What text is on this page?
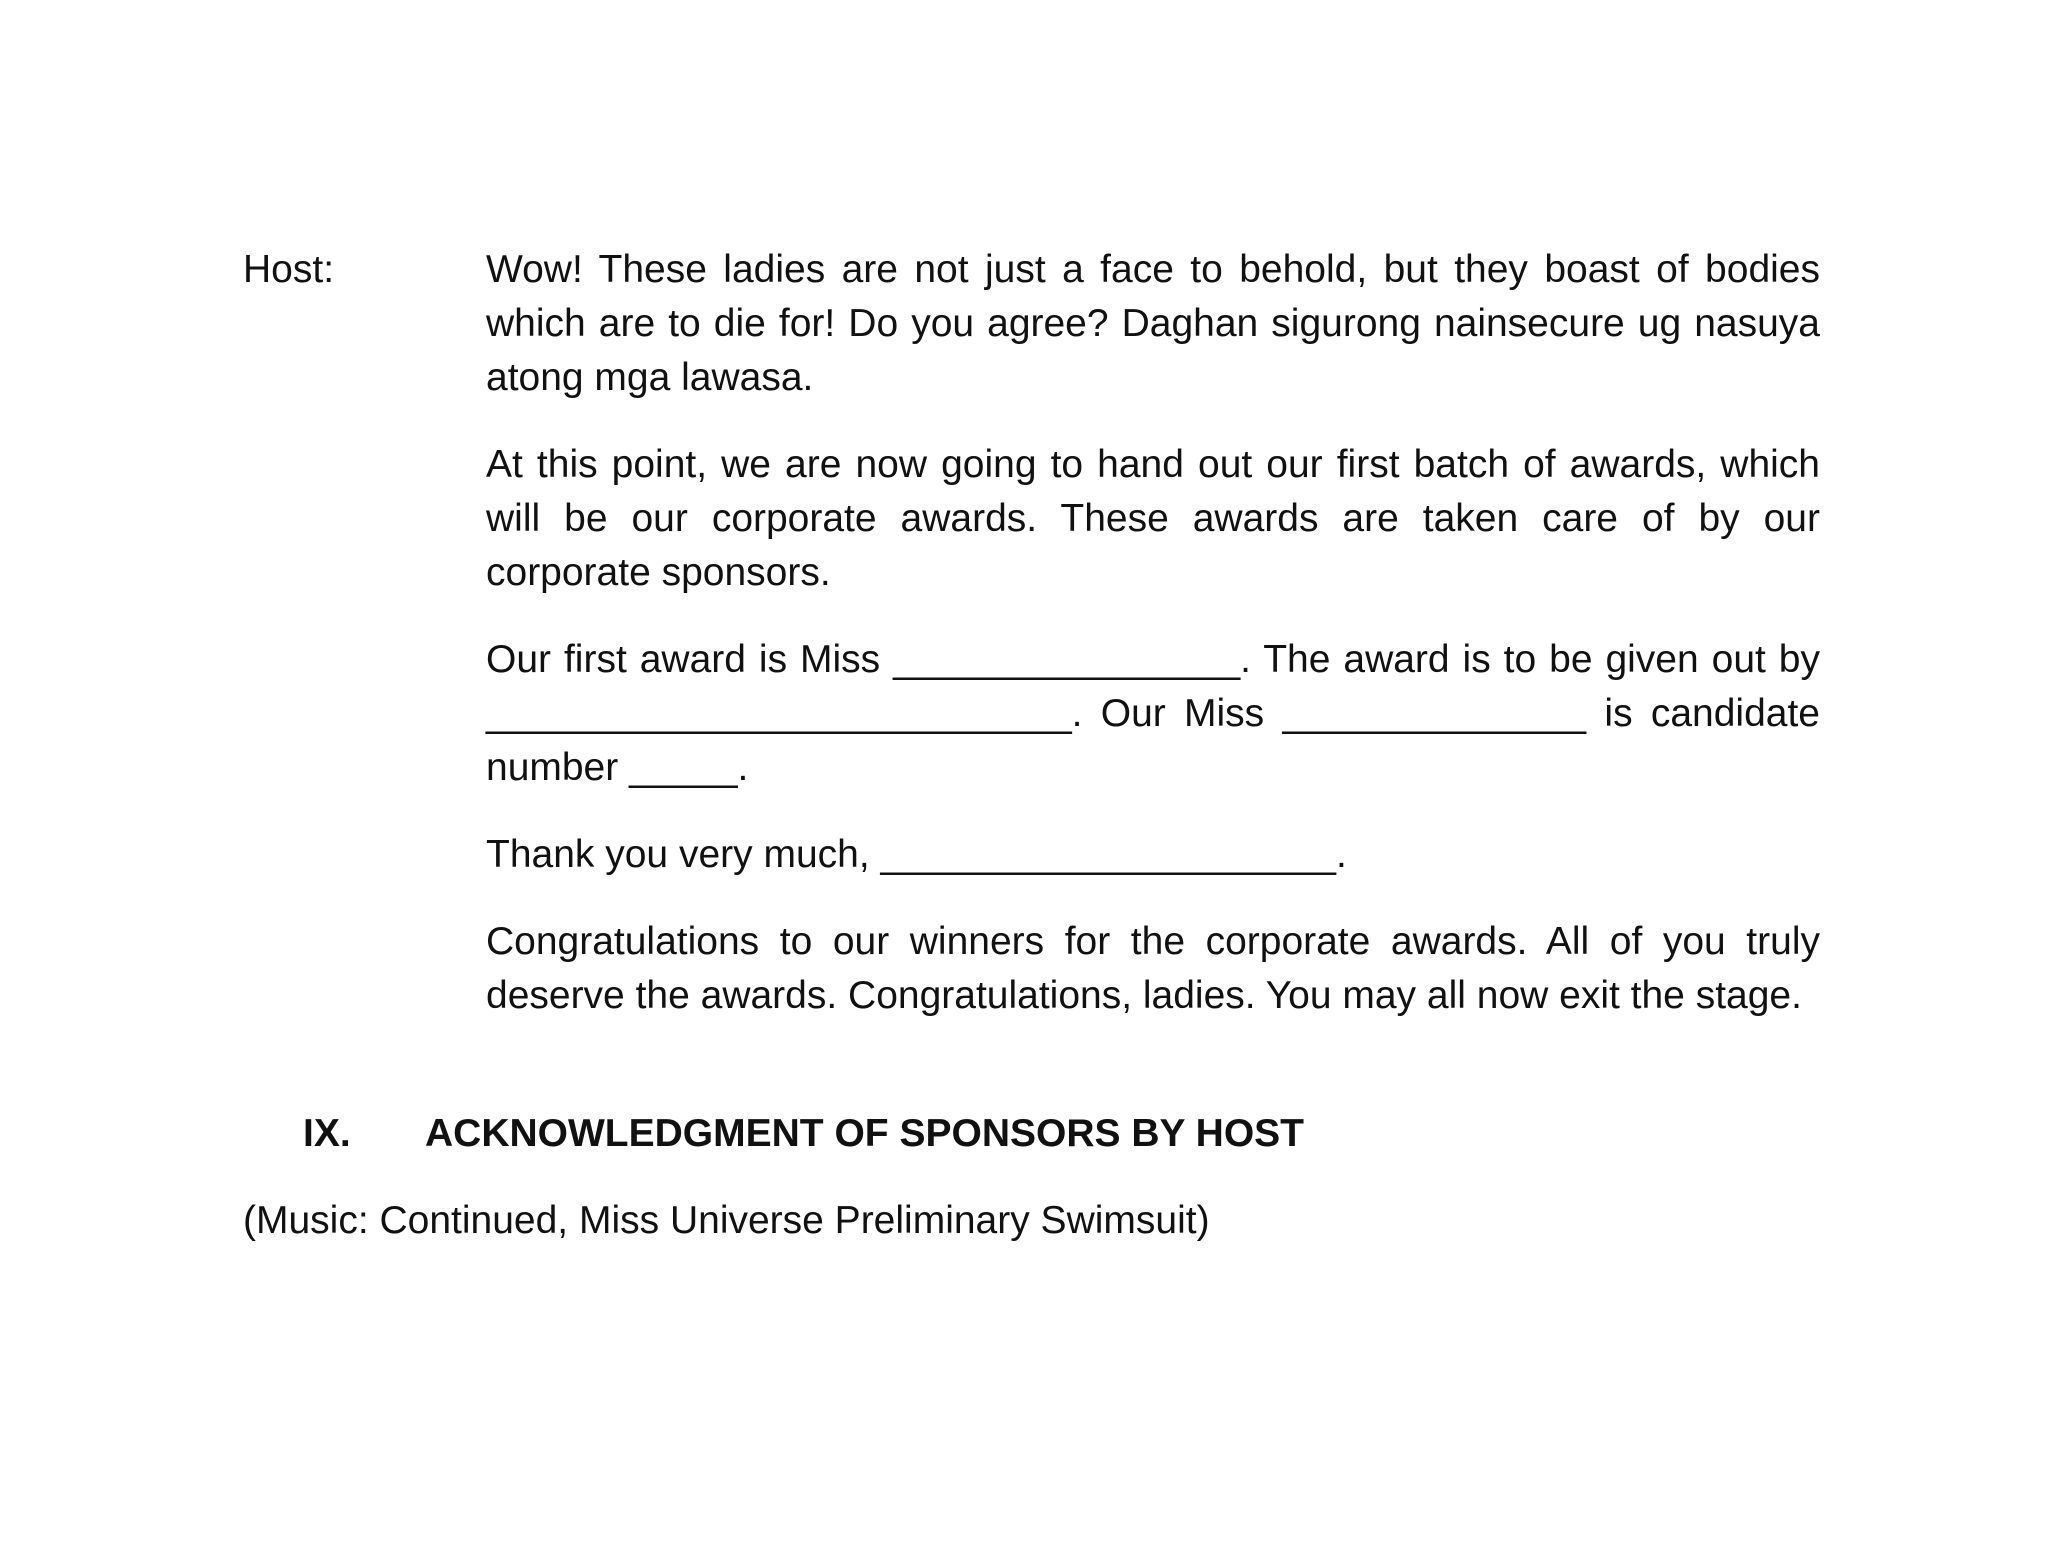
Host:	Wow! These ladies are not just a face to behold, but they boast of bodies which are to die for! Do you agree? Daghan sigurong nainsecure ug nasuya atong mga lawasa.

At this point, we are now going to hand out our first batch of awards, which will be our corporate awards. These awards are taken care of by our corporate sponsors.

Our first award is Miss ________________. The award is to be given out by ___________________________. Our Miss ______________ is candidate number _____.

Thank you very much, _____________________.

Congratulations to our winners for the corporate awards. All of you truly deserve the awards. Congratulations, ladies. You may all now exit the stage.

IX. ACKNOWLEDGMENT OF SPONSORS BY HOST
(Music: Continued, Miss Universe Preliminary Swimsuit)
